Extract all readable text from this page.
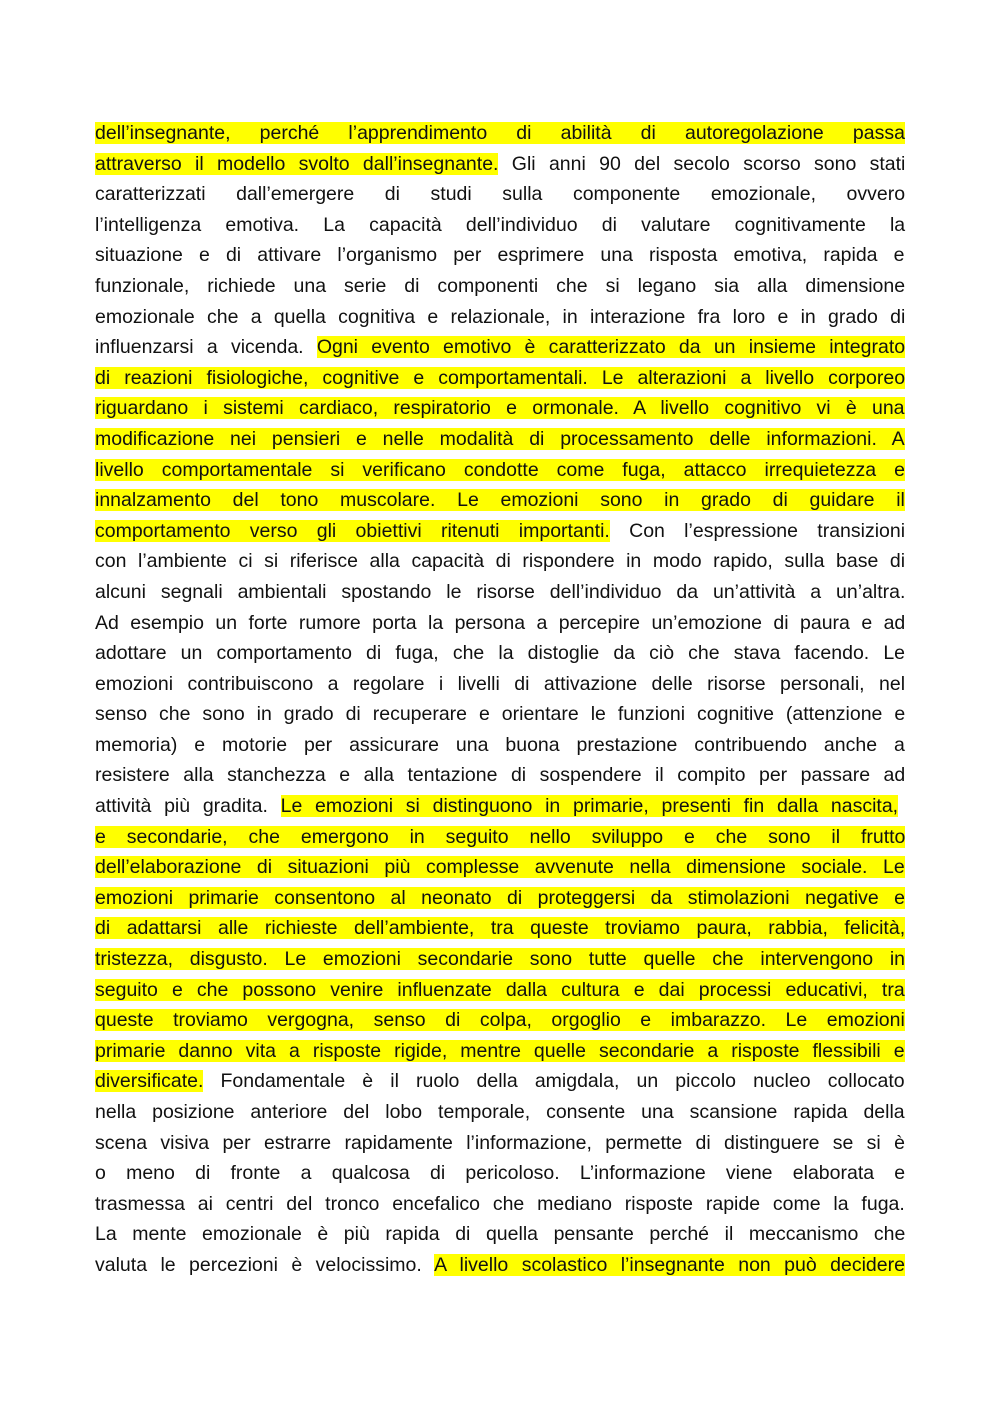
dell’insegnante, perché l’apprendimento di abilità di autoregolazione passa
attraverso il modello svolto dall’insegnante. Gli anni 90 del secolo scorso sono stati
caratterizzati dall’emergere di studi sulla componente emozionale, ovvero
l’intelligenza emotiva. La capacità dell’individuo di valutare cognitivamente la
situazione e di attivare l’organismo per esprimere una risposta emotiva, rapida e
funzionale, richiede una serie di componenti che si legano sia alla dimensione
emozionale che a quella cognitiva e relazionale, in interazione fra loro e in grado di
influenzarsi a vicenda. Ogni evento emotivo è caratterizzato da un insieme integrato
di reazioni fisiologiche, cognitive e comportamentali. Le alterazioni a livello corporeo
riguardano i sistemi cardiaco, respiratorio e ormonale. A livello cognitivo vi è una
modificazione nei pensieri e nelle modalità di processamento delle informazioni. A
livello comportamentale si verificano condotte come fuga, attacco irrequietezza e
innalzamento del tono muscolare. Le emozioni sono in grado di guidare il
comportamento verso gli obiettivi ritenuti importanti. Con l’espressione transizioni
con l’ambiente ci si riferisce alla capacità di rispondere in modo rapido, sulla base di
alcuni segnali ambientali spostando le risorse dell’individuo da un’attività a un’altra.
Ad esempio un forte rumore porta la persona a percepire un’emozione di paura e ad
adottare un comportamento di fuga, che la distoglie da ciò che stava facendo. Le
emozioni contribuiscono a regolare i livelli di attivazione delle risorse personali, nel
senso che sono in grado di recuperare e orientare le funzioni cognitive (attenzione e
memoria) e motorie per assicurare una buona prestazione contribuendo anche a
resistere alla stanchezza e alla tentazione di sospendere il compito per passare ad
attività più gradita. Le emozioni si distinguono in primarie, presenti fin dalla nascita,
e secondarie, che emergono in seguito nello sviluppo e che sono il frutto
dell’elaborazione di situazioni più complesse avvenute nella dimensione sociale. Le
emozioni primarie consentono al neonato di proteggersi da stimolazioni negative e
di adattarsi alle richieste dell’ambiente, tra queste troviamo paura, rabbia, felicità,
tristezza, disgusto. Le emozioni secondarie sono tutte quelle che intervengono in
seguito e che possono venire influenzate dalla cultura e dai processi educativi, tra
queste troviamo vergogna, senso di colpa, orgoglio e imbarazzo. Le emozioni
primarie danno vita a risposte rigide, mentre quelle secondarie a risposte flessibili e
diversificate. Fondamentale è il ruolo della amigdala, un piccolo nucleo collocato
nella posizione anteriore del lobo temporale, consente una scansione rapida della
scena visiva per estrarre rapidamente l’informazione, permette di distinguere se si è
o meno di fronte a qualcosa di pericoloso. L’informazione viene elaborata e
trasmessa ai centri del tronco encefalico che mediano risposte rapide come la fuga.
La mente emozionale è più rapida di quella pensante perché il meccanismo che
valuta le percezioni è velocissimo. A livello scolastico l’insegnante non può decidere
